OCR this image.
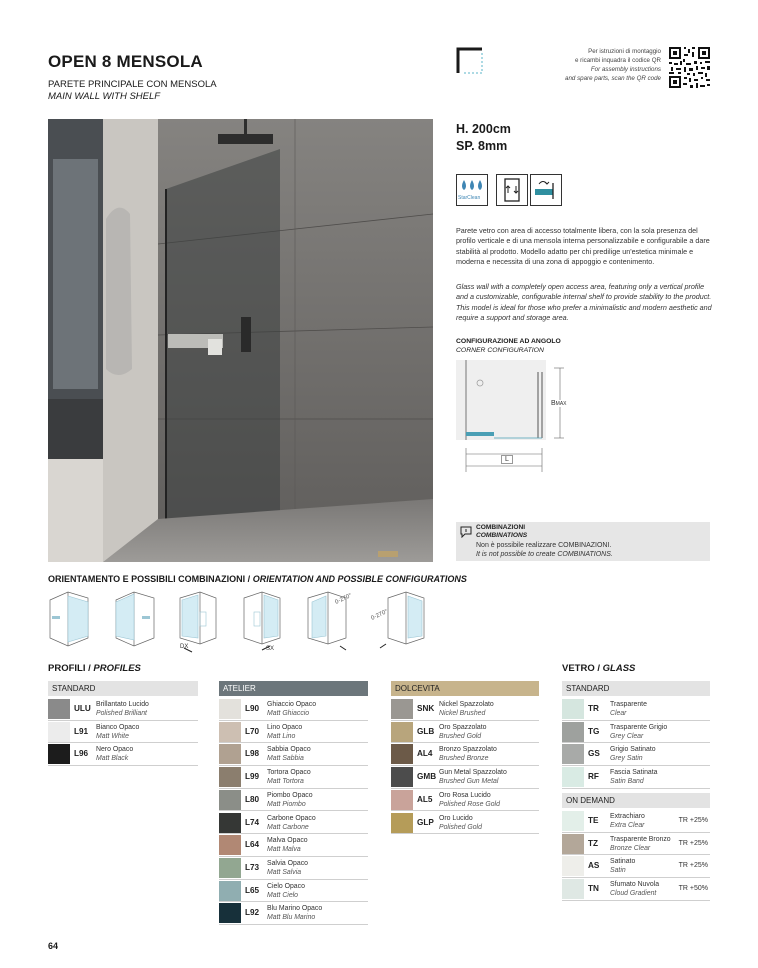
OPEN 8 MENSOLA
PARETE PRINCIPALE CON MENSOLA
MAIN WALL WITH SHELF
Per istruzioni di montaggio
e ricambi inquadra il codice QR
For assembly instructions
and spare parts, scan the QR code
H. 200cm
SP. 8mm
StarClean
Parete vetro con area di accesso totalmente libera, con la sola presenza del profilo verticale e di una mensola interna personalizzabile e configurabile a dare stabilità al prodotto. Modello adatto per chi predilige un'estetica minimale e moderna e necessita di una zona di appoggio e contenimento.
Glass wall with a completely open access area, featuring only a vertical profile and a customizable, configurable internal shelf to provide stability to the product. This model is ideal for those who prefer a minimalistic and modern aesthetic and require a support and storage area.
CONFIGURAZIONE AD ANGOLO
CORNER CONFIGURATION
BMAX
L
COMBINAZIONI
COMBINATIONS
Non è possibile realizzare COMBINAZIONI.
It is not possible to create COMBINATIONS.
ORIENTAMENTO E POSSIBILI COMBINAZIONI / ORIENTATION AND POSSIBLE CONFIGURATIONS
DX	SX
0-270°
0-270°
PROFILI / PROFILES	VETRO / GLASS
STANDARD	ATELIER	DOLCEVITA	STANDARD
ON DEMAND
ULU Brillantato Lucido
Polished Brilliant
L91 Bianco Opaco
Matt White
L96 Nero Opaco
Matt Black
L90 Ghiaccio Opaco
Matt Ghiaccio
L70 Lino Opaco
Matt Lino
L98 Sabbia Opaco
Matt Sabbia
L99 Tortora Opaco
Matt Tortora
L80 Piombo Opaco
Matt Piombo
L74 Carbone Opaco
Matt Carbone
L64 Malva Opaco
Matt Malva
L73 Salvia Opaco
Matt Salvia
L65 Cielo Opaco
Matt Cielo
L92 Blu Marino Opaco
Matt Blu Marino
SNK Nickel Spazzolato
Nickel Brushed
GLB Oro Spazzolato
Brushed Gold
AL4 Bronzo Spazzolato
Brushed Bronze
GMB Gun Metal Spazzolato
Brushed Gun Metal
AL5 Oro Rosa Lucido
Polished Rose Gold
GLP Oro Lucido
Polished Gold
TR Trasparente
Clear
TG Trasparente Grigio
Grey Clear
GS Grigio Satinato
Grey Satin
RF Fascia Satinata
Satin Band
TE Extrachiaro
Extra Clear
TR +25%
TZ Trasparente Bronzo
Bronze Clear
TR +25%
AS Satinato
Satin
TR +25%
TN Sfumato Nuvola
Cloud Gradient
TR +50%
64
